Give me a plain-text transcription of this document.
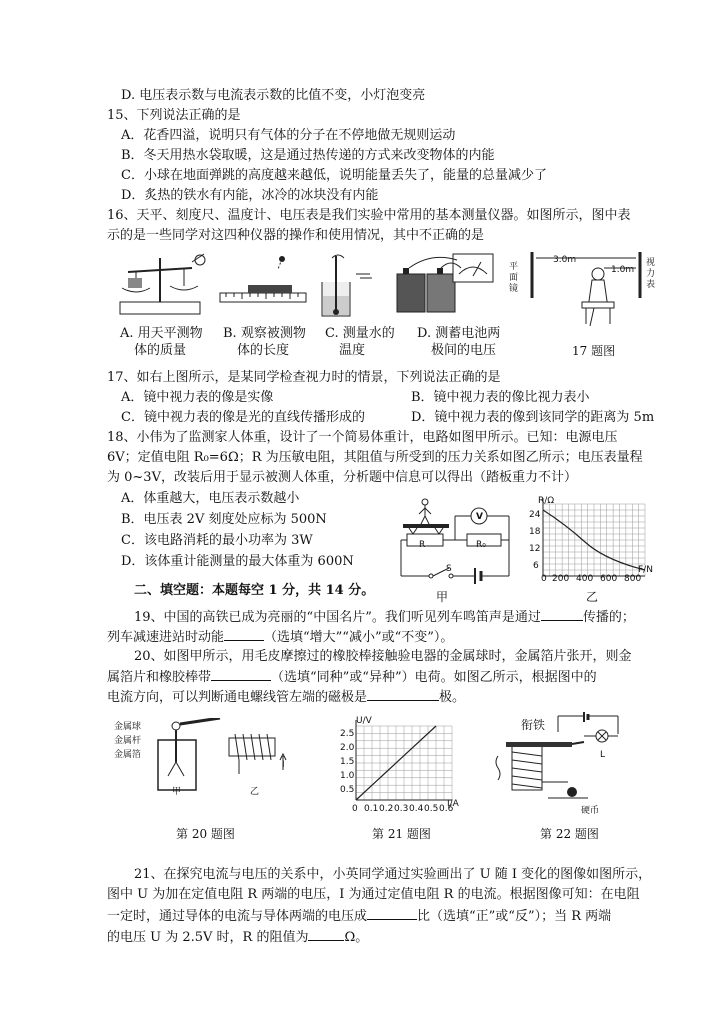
D. 电压表示数与电流表示数的比值不变，小灯泡变亮
15、下列说法正确的是
A．花香四溢，说明只有气体的分子在不停地做无规则运动
B．冬天用热水袋取暖，这是通过热传递的方式来改变物体的内能
C．小球在地面弹跳的高度越来越低，说明能量丢失了，能量的总量减少了
D．炙热的铁水有内能，冰冷的冰块没有内能
16、天平、刻度尺、温度计、电压表是我们实验中常用的基本测量仪器。如图所示，图中表
示的是一些同学对这四种仪器的操作和使用情况，其中不正确的是
A. 用天平测物
体的质量
B. 观察被测物
体的长度
C. 测量水的
温度
D. 测蓄电池两
极间的电压
3.0m
1.0m
平面镜
视力表
17 题图
17、如右上图所示，是某同学检查视力时的情景，下列说法正确的是
A．镜中视力表的像是实像	B．镜中视力表的像比视力表小
C．镜中视力表的像是光的直线传播形成的	D．镜中视力表的像到该同学的距离为 5m
18、小伟为了监测家人体重，设计了一个简易体重计，电路如图甲所示。已知：电源电压
6V；定值电阻 R₀=6Ω；R 为压敏电阻，其阻值与所受到的压力关系如图乙所示；电压表量程
为 0~3V，改装后用于显示被测人体重，分析题中信息可以得出（踏板重力不计）
A．体重越大，电压表示数越小
B．电压表 2V 刻度处应标为 500N
C．该电路消耗的最小功率为 3W
D．该体重计能测量的最大体重为 600N
V
R	R₀
S
甲
R/Ω
F/N
24
18
12
6
0 200 400 600 800
乙
二、填空题：本题每空 1 分，共 14 分。
19、中国的高铁已成为亮丽的“中国名片”。我们听见列车鸣笛声是通过	传播的；
列车减速进站时动能	（选填“增大”“减小”或“不变”）。
20、如图甲所示，用毛皮摩擦过的橡胶棒接触验电器的金属球时，金属箔片张开，则金
属箔片和橡胶棒带	（选填“同种”或“异种”）电荷。如图乙所示，根据图中的
电流方向，可以判断通电螺线管左端的磁极是	极。
金属球
金属杆
金属箔
甲
I
乙
U/V
I/A
2.5
2.0
1.5
1.0
0.5
0 0.1 0.2 0.3 0.4 0.5 0.6
衔铁
L
硬币
第 20 题图	第 21 题图	第 22 题图
21、在探究电流与电压的关系中，小英同学通过实验画出了 U 随 I 变化的图像如图所示，
图中 U 为加在定值电阻 R 两端的电压，I 为通过定值电阻 R 的电流。根据图像可知：在电阻
一定时，通过导体的电流与导体两端的电压成	比（选填“正”或“反”）；当 R 两端
的电压 U 为 2.5V 时，R 的阻值为	Ω。
